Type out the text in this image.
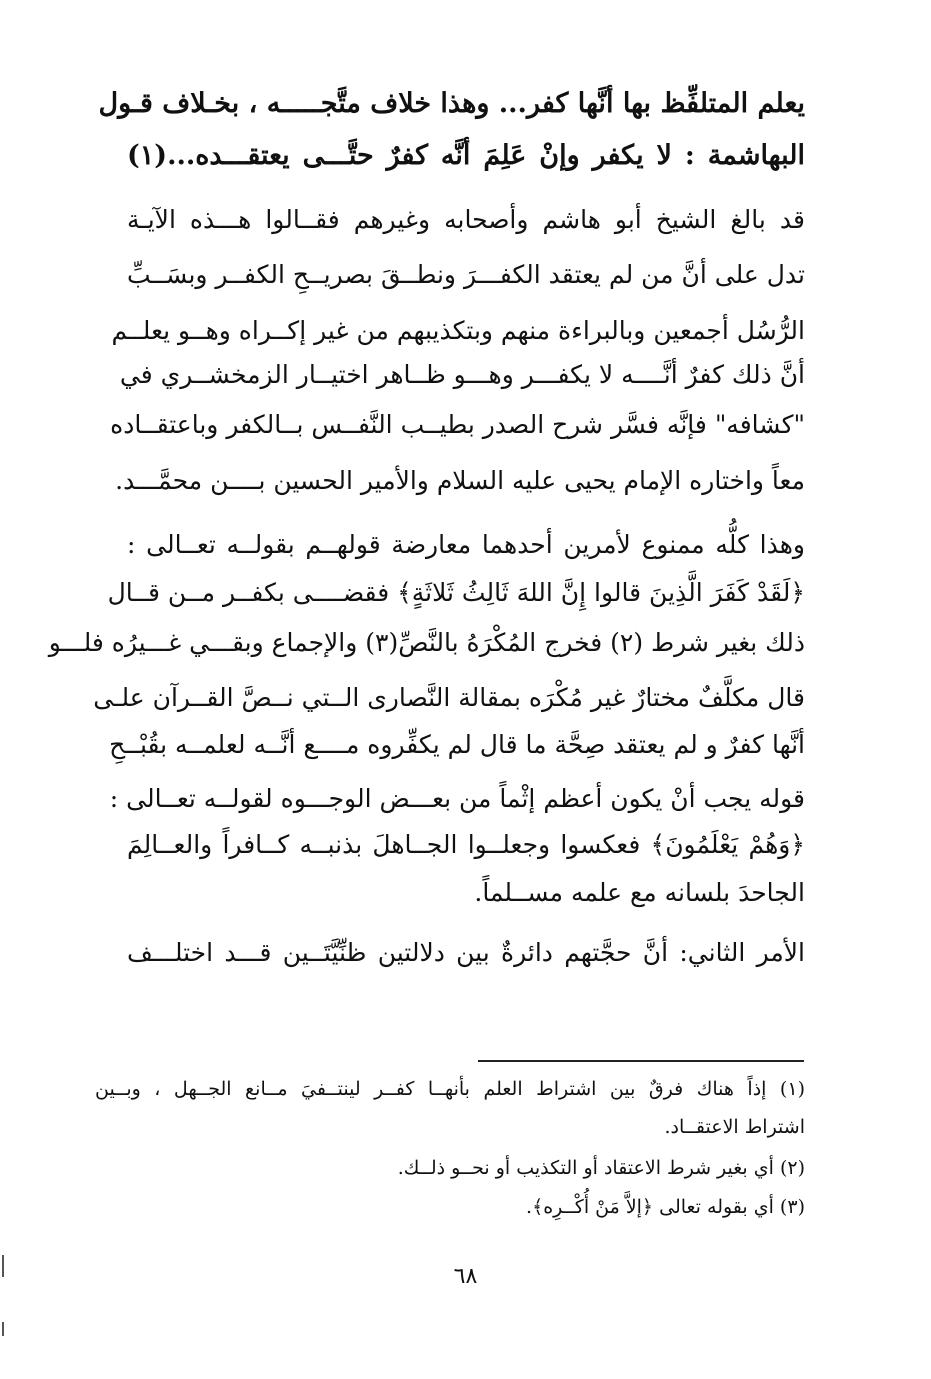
يعلم المتلفِّظ بها أنَّها كفر... وهذا خلاف متَّجـــــه ، بخـلاف قـول
البهاشمة : لا يكفر وإنْ عَلِمَ أنَّه كفرٌ حتَّـــى يعتقـــده...(١)
قد بالغ الشيخ أبو هاشم وأصحابه وغيرهم فقــالوا هـــذه الآيـة
تدل على أنَّ من لم يعتقد الكفـــرَ ونطــقَ بصريــحِ الكفــر وبسَــبِّ
الرُّسُل أجمعين وبالبراءة منهم وبتكذيبهم من غير إكــراه وهــو يعلــم
أنَّ ذلك كفرٌ أنَّــــه لا يكفـــر وهـــو ظــاهر اختيــار الزمخشــري في
"كشافه" فإنَّه فسَّر شرح الصدر بطيــب النَّفــس بــالكفر وباعتقــاده
معاً واختاره الإمام يحيى عليه السلام والأمير الحسين بــــن محمَّـــد.
وهذا كلُّه ممنوع لأمرين أحدهما معارضة قولهــم بقولــه تعــالى :
﴿لَقَدْ كَفَرَ الَّذِينَ قالوا إِنَّ اللهَ ثَالِثُ ثَلاثَةٍ﴾ فقضــــى بكفــر مــن قــال
ذلك بغير شرط (٢) فخرج المُكْرَهُ بالنَّصِّ(٣) والإجماع وبقـــي غـــيرُه فلـــو
قال مكلَّفٌ مختارٌ غير مُكْرَه بمقالة النَّصارى الــتي نــصَّ القــرآن علـى
أنَّها كفرٌ و لم يعتقد صِحَّة ما قال لم يكفِّروه مــــع أنَّــه لعلمــه بقُبْــحِ
قوله يجب أنْ يكون أعظم إثْماً من بعـــض الوجـــوه لقولــه تعــالى :
﴿وَهُمْ يَعْلَمُونَ﴾ فعكسوا وجعلــوا الجــاهلَ بذنبــه كــافراً والعــالِمَ
الجاحدَ بلسانه مع علمه مســلماً.
الأمر الثاني: أنَّ حجَّتهم دائرةٌ بين دلالتين ظنِّيَّتَــين قـــد اختلـــف
(١) إذاً هناك فرقٌ بين اشتراط العلم بأنهــا كفــر لينتــفيَ مــانع الجــهل ، وبــين
اشتراط الاعتقــاد.
(٢) أي بغير شرط الاعتقاد أو التكذيب أو نحــو ذلــك.
(٣) أي بقوله تعالى ﴿إلاَّ مَنْ أُكْــرِه﴾.
٦٨
